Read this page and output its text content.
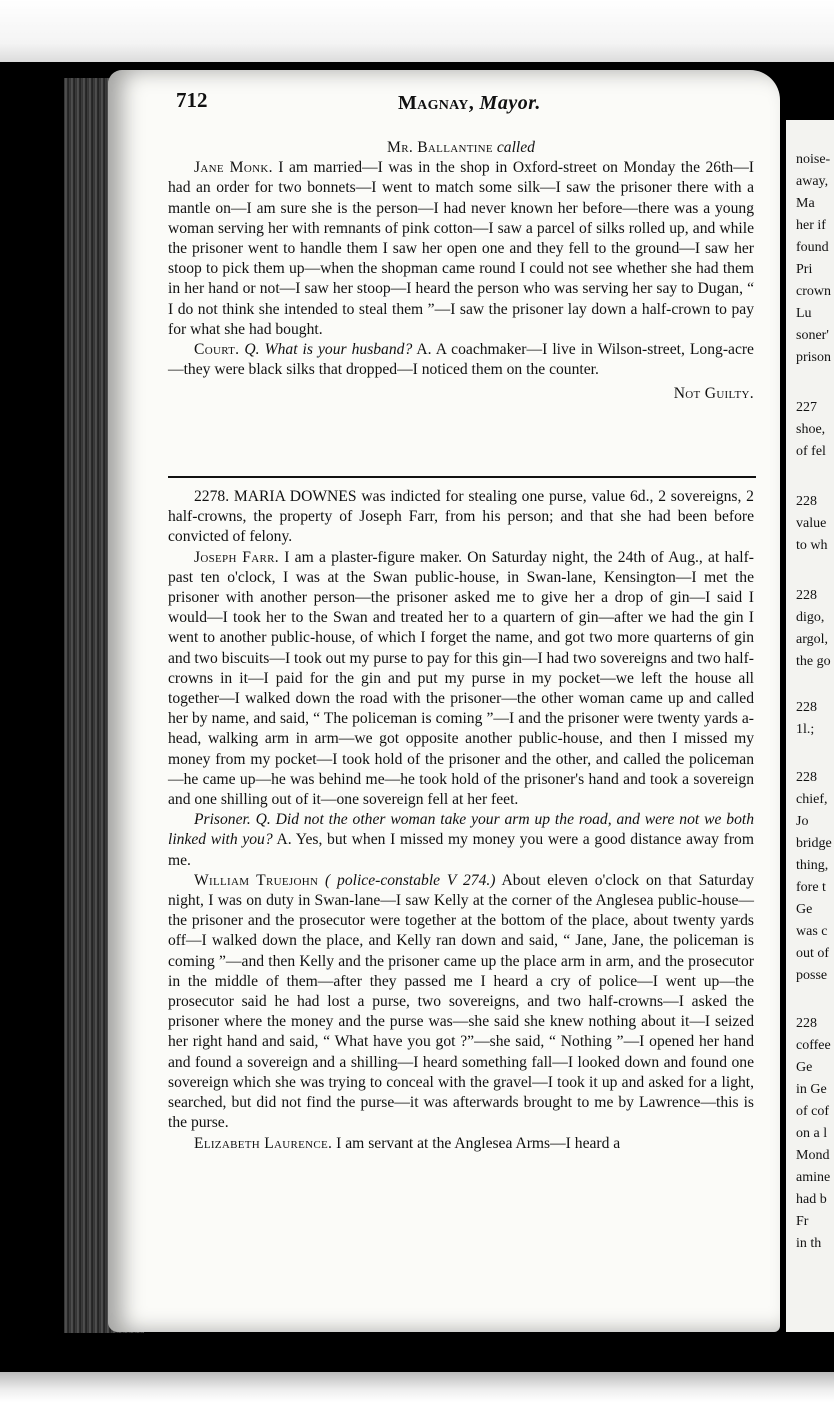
noise-
away,
Ma
her if
found
Pri
crown
Lu
soner'
prison
227
shoe,
of fel
228
value
to wh
228
digo,
argol,
the go
228
1l.;
228
chief,
Jo
bridge
thing,
fore t
Ge
was c
out of
posse
228
coffee
Ge
in Ge
of cof
on a l
Mond
amine
had b
Fr
in th
712	Magnay, Mayor.

Mr. Ballantine called

Jane Monk. I am married—I was in the shop in Oxford-street on Monday the 26th—I had an order for two bonnets—I went to match some silk—I saw the prisoner there with a mantle on—I am sure she is the person—I had never known her before—there was a young woman serving her with remnants of pink cotton—I saw a parcel of silks rolled up, and while the prisoner went to handle them I saw her open one and they fell to the ground—I saw her stoop to pick them up—when the shopman came round I could not see whether she had them in her hand or not—I saw her stoop—I heard the person who was serving her say to Dugan, “ I do not think she intended to steal them ”—I saw the prisoner lay down a half-crown to pay for what she had bought.

Court. Q. What is your husband? A. A coachmaker—I live in Wilson-street, Long-acre—they were black silks that dropped—I noticed them on the counter.

Not Guilty.

2278. MARIA DOWNES was indicted for stealing one purse, value 6d., 2 sovereigns, 2 half-crowns, the property of Joseph Farr, from his person; and that she had been before convicted of felony.

Joseph Farr. I am a plaster-figure maker. On Saturday night, the 24th of Aug., at half-past ten o'clock, I was at the Swan public-house, in Swan-lane, Kensington—I met the prisoner with another person—the prisoner asked me to give her a drop of gin—I said I would—I took her to the Swan and treated her to a quartern of gin—after we had the gin I went to another public-house, of which I forget the name, and got two more quarterns of gin and two biscuits—I took out my purse to pay for this gin—I had two sovereigns and two half-crowns in it—I paid for the gin and put my purse in my pocket—we left the house all together—I walked down the road with the prisoner—the other woman came up and called her by name, and said, “ The policeman is coming ”—I and the prisoner were twenty yards a-head, walking arm in arm—we got opposite another public-house, and then I missed my money from my pocket—I took hold of the prisoner and the other, and called the policeman—he came up—he was behind me—he took hold of the prisoner's hand and took a sovereign and one shilling out of it—one sovereign fell at her feet.

Prisoner. Q. Did not the other woman take your arm up the road, and were not we both linked with you? A. Yes, but when I missed my money you were a good distance away from me.

William Truejohn ( police-constable V 274.) About eleven o'clock on that Saturday night, I was on duty in Swan-lane—I saw Kelly at the corner of the Anglesea public-house—the prisoner and the prosecutor were together at the bottom of the place, about twenty yards off—I walked down the place, and Kelly ran down and said, “ Jane, Jane, the policeman is coming ”—and then Kelly and the prisoner came up the place arm in arm, and the prosecutor in the middle of them—after they passed me I heard a cry of police—I went up—the prosecutor said he had lost a purse, two sovereigns, and two half-crowns—I asked the prisoner where the money and the purse was—she said she knew nothing about it—I seized her right hand and said, “ What have you got ?”—she said, “ Nothing ”—I opened her hand and found a sovereign and a shilling—I heard something fall—I looked down and found one sovereign which she was trying to conceal with the gravel—I took it up and asked for a light, searched, but did not find the purse—it was afterwards brought to me by Lawrence—this is the purse.

Elizabeth Laurence. I am servant at the Anglesea Arms—I heard a
